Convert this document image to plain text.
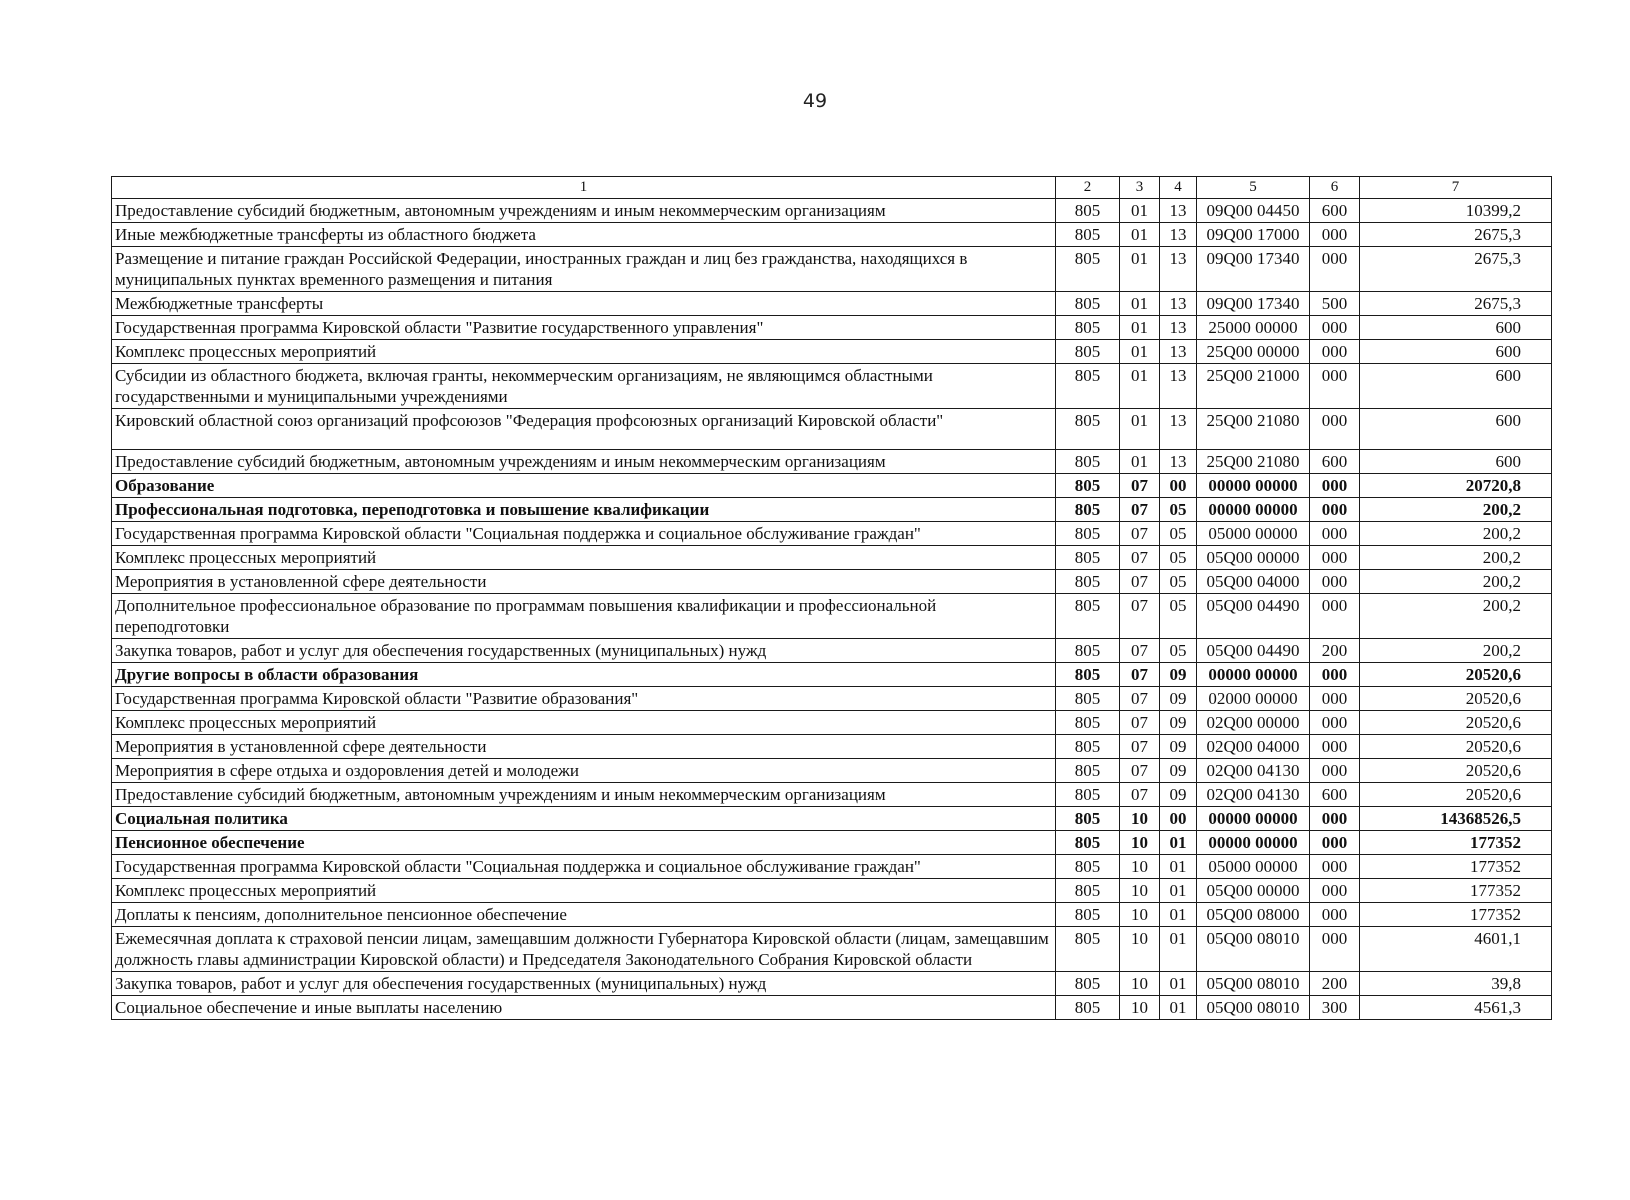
49
1	2	3	4	5	6	7
Предоставление субсидий бюджетным, автономным учреждениям и иным некоммерческим организациям	805	01	13	09Q00 04450	600	10399,2
Иные межбюджетные трансферты из областного бюджета	805	01	13	09Q00 17000	000	2675,3
Размещение и питание граждан Российской Федерации, иностранных граждан и лиц без гражданства, находящихся в муниципальных пунктах временного размещения и питания	805	01	13	09Q00 17340	000	2675,3
Межбюджетные трансферты	805	01	13	09Q00 17340	500	2675,3
Государственная программа Кировской области "Развитие государственного управления"	805	01	13	25000 00000	000	600
Комплекс процессных мероприятий	805	01	13	25Q00 00000	000	600
Субсидии из областного бюджета, включая гранты, некоммерческим организациям, не являющимся областными государственными и муниципальными учреждениями	805	01	13	25Q00 21000	000	600
Кировский областной союз организаций профсоюзов "Федерация профсоюзных организаций Кировской области"	805	01	13	25Q00 21080	000	600
Предоставление субсидий бюджетным, автономным учреждениям и иным некоммерческим организациям	805	01	13	25Q00 21080	600	600
Образование	805	07	00	00000 00000	000	20720,8
Профессиональная подготовка, переподготовка и повышение квалификации	805	07	05	00000 00000	000	200,2
Государственная программа Кировской области "Социальная поддержка и социальное обслуживание граждан"	805	07	05	05000 00000	000	200,2
Комплекс процессных мероприятий	805	07	05	05Q00 00000	000	200,2
Мероприятия в установленной сфере деятельности	805	07	05	05Q00 04000	000	200,2
Дополнительное профессиональное образование по программам повышения квалификации и профессиональной переподготовки	805	07	05	05Q00 04490	000	200,2
Закупка товаров, работ и услуг для обеспечения государственных (муниципальных) нужд	805	07	05	05Q00 04490	200	200,2
Другие вопросы в области образования	805	07	09	00000 00000	000	20520,6
Государственная программа Кировской области "Развитие образования"	805	07	09	02000 00000	000	20520,6
Комплекс процессных мероприятий	805	07	09	02Q00 00000	000	20520,6
Мероприятия в установленной сфере деятельности	805	07	09	02Q00 04000	000	20520,6
Мероприятия в сфере отдыха и оздоровления детей и молодежи	805	07	09	02Q00 04130	000	20520,6
Предоставление субсидий бюджетным, автономным учреждениям и иным некоммерческим организациям	805	07	09	02Q00 04130	600	20520,6
Социальная политика	805	10	00	00000 00000	000	14368526,5
Пенсионное обеспечение	805	10	01	00000 00000	000	177352
Государственная программа Кировской области "Социальная поддержка и социальное обслуживание граждан"	805	10	01	05000 00000	000	177352
Комплекс процессных мероприятий	805	10	01	05Q00 00000	000	177352
Доплаты к пенсиям, дополнительное пенсионное обеспечение	805	10	01	05Q00 08000	000	177352
Ежемесячная доплата к страховой пенсии лицам, замещавшим должности Губернатора Кировской области (лицам, замещавшим должность главы администрации Кировской области) и Председателя Законодательного Собрания Кировской области	805	10	01	05Q00 08010	000	4601,1
Закупка товаров, работ и услуг для обеспечения государственных (муниципальных) нужд	805	10	01	05Q00 08010	200	39,8
Социальное обеспечение и иные выплаты населению	805	10	01	05Q00 08010	300	4561,3
